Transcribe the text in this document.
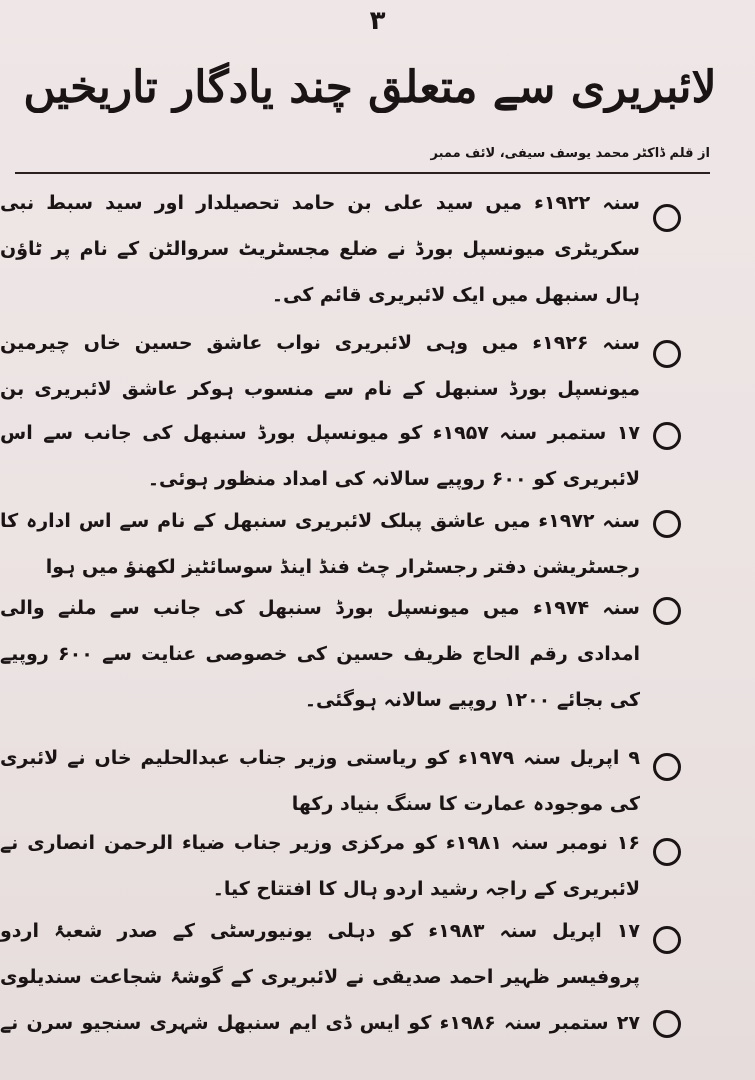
۳
لائبریری سے متعلق چند یادگار تاریخیں
از قلم ڈاکٹر محمد یوسف سیفی، لائف ممبر
سنہ ۱۹۲۲ء میں سید علی بن حامد تحصیلدار اور سید سبط نبی سکریٹری میونسپل بورڈ نے ضلع مجسٹریٹ سروالٹن کے نام پر ٹاؤن ہال سنبھل میں ایک لائبریری قائم کی۔
سنہ ۱۹۲۶ء میں وہی لائبریری نواب عاشق حسین خاں چیرمین میونسپل بورڈ سنبھل کے نام سے منسوب ہوکر عاشق لائبریری بن
۱۷ ستمبر سنہ ۱۹۵۷ء کو میونسپل بورڈ سنبھل کی جانب سے اس لائبریری کو ۶۰۰ روپیے سالانہ کی امداد منظور ہوئی۔
سنہ ۱۹۷۲ء میں عاشق پبلک لائبریری سنبھل کے نام سے اس ادارہ کا رجسٹریشن دفتر رجسٹرار چٹ فنڈ اینڈ سوسائٹیز لکھنؤ میں ہوا
سنہ ۱۹۷۴ء میں میونسپل بورڈ سنبھل کی جانب سے ملنے والی امدادی رقم الحاج ظریف حسین کی خصوصی عنایت سے ۶۰۰ روپیے کی بجائے ۱۲۰۰ روپیے سالانہ ہوگئی۔
۹ اپریل سنہ ۱۹۷۹ء کو ریاستی وزیر جناب عبدالحلیم خاں نے لائبری کی موجودہ عمارت کا سنگ بنیاد رکھا
۱۶ نومبر سنہ ۱۹۸۱ء کو مرکزی وزیر جناب ضیاء الرحمن انصاری نے لائبریری کے راجہ رشید اردو ہال کا افتتاح کیا۔
۱۷ اپریل سنہ ۱۹۸۳ء کو دہلی یونیورسٹی کے صدر شعبۂ اردو پروفیسر ظہیر احمد صدیقی نے لائبریری کے گوشۂ شجاعت سندیلوی
۲۷ ستمبر سنہ ۱۹۸۶ء کو ایس ڈی ایم سنبھل شہری سنجیو سرن نے
